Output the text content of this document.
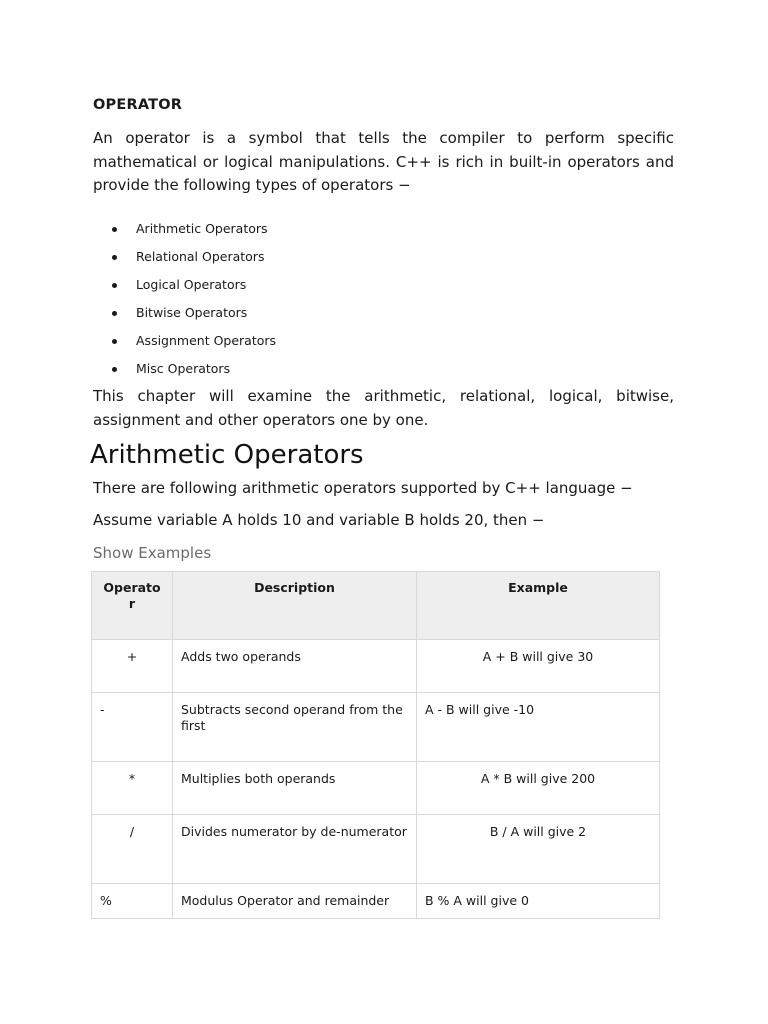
OPERATOR
An operator is a symbol that tells the compiler to perform specific mathematical or logical manipulations. C++ is rich in built-in operators and provide the following types of operators −
Arithmetic Operators
Relational Operators
Logical Operators
Bitwise Operators
Assignment Operators
Misc Operators
This chapter will examine the arithmetic, relational, logical, bitwise, assignment and other operators one by one.
Arithmetic Operators
There are following arithmetic operators supported by C++ language −
Assume variable A holds 10 and variable B holds 20, then −
Show Examples
Operato r	Description	Example
+	Adds two operands	A + B will give 30
-	Subtracts second operand from the first	A - B will give -10
*	Multiplies both operands	A * B will give 200
/	Divides numerator by de-numerator	B / A will give 2
%	Modulus Operator and remainder	B % A will give 0
